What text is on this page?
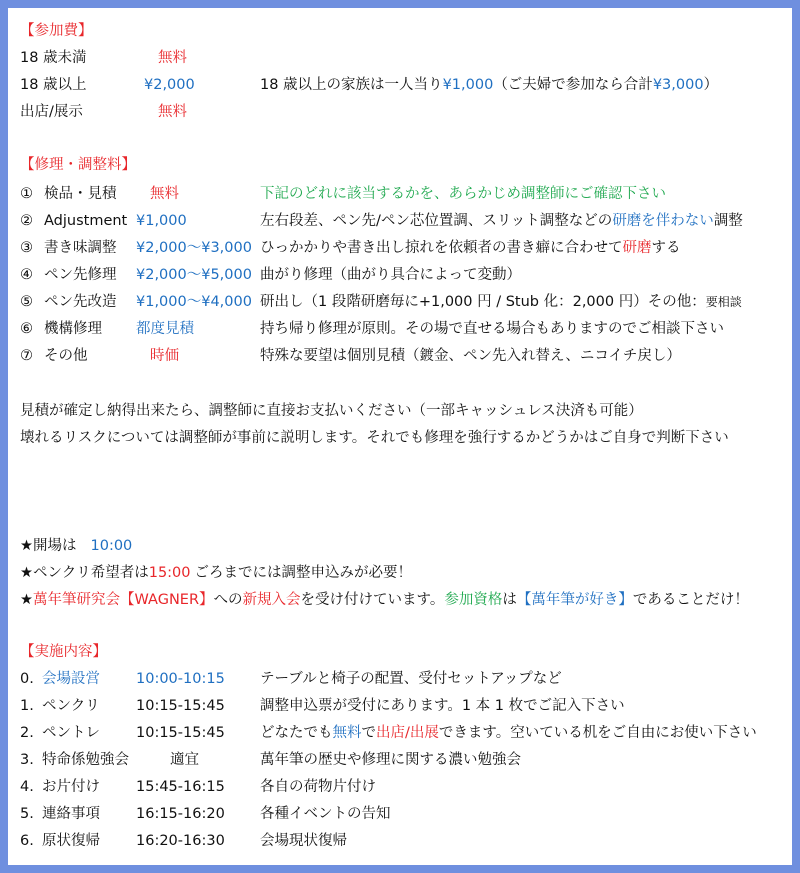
【参加費】
18 歳未満	無料
18 歳以上	¥2,000	18 歳以上の家族は一人当り¥1,000（ご夫婦で参加なら合計¥3,000）
出店/展示	無料
【修理・調整料】
① 検品・見積 無料	下記のどれに該当するかを、あらかじめ調整師にご確認下さい
② Adjustment ¥1,000	左右段差、ペン先/ペン芯位置調、スリット調整などの研磨を伴わない調整
③ 書き味調整 ¥2,000～¥3,000 ひっかかりや書き出し掠れを依頼者の書き癖に合わせて研磨する
④ ペン先修理 ¥2,000～¥5,000 曲がり修理（曲がり具合によって変動）
⑤ ペン先改造 ¥1,000～¥4,000 研出し（1 段階研磨毎に+1,000 円 / Stub 化：2,000 円）その他：要相談
⑥ 機構修理 都度見積	持ち帰り修理が原則。その場で直せる場合もありますのでご相談下さい
⑦ その他	時価	特殊な要望は個別見積（鍍金、ペン先入れ替え、ニコイチ戻し）
見積が確定し納得出来たら、調整師に直接お支払いください（一部キャッシュレス決済も可能）
壊れるリスクについては調整師が事前に説明します。それでも修理を強行するかどうかはご自身で判断下さい
★開場は 10:00
★ペンクリ希望者は15:00 ごろまでには調整申込みが必要！
★萬年筆研究会【WAGNER】への新規入会を受け付けています。参加資格は【萬年筆が好き】であることだけ！
【実施内容】
0. 会場設営 10:00-10:15 テーブルと椅子の配置、受付セットアップなど
1. ペンクリ	10:15-15:45 調整申込票が受付にあります。1 本 1 枚でご記入下さい
2. ペントレ 10:15-15:45 どなたでも無料で出店/出展できます。空いている机をご自由にお使い下さい
3. 特命係勉強会	適宜	萬年筆の歴史や修理に関する濃い勉強会
4. お片付け 15:45-16:15 各自の荷物片付け
5. 連絡事項 16:15-16:20 各種イベントの告知
6. 原状復帰 16:20-16:30 会場現状復帰
